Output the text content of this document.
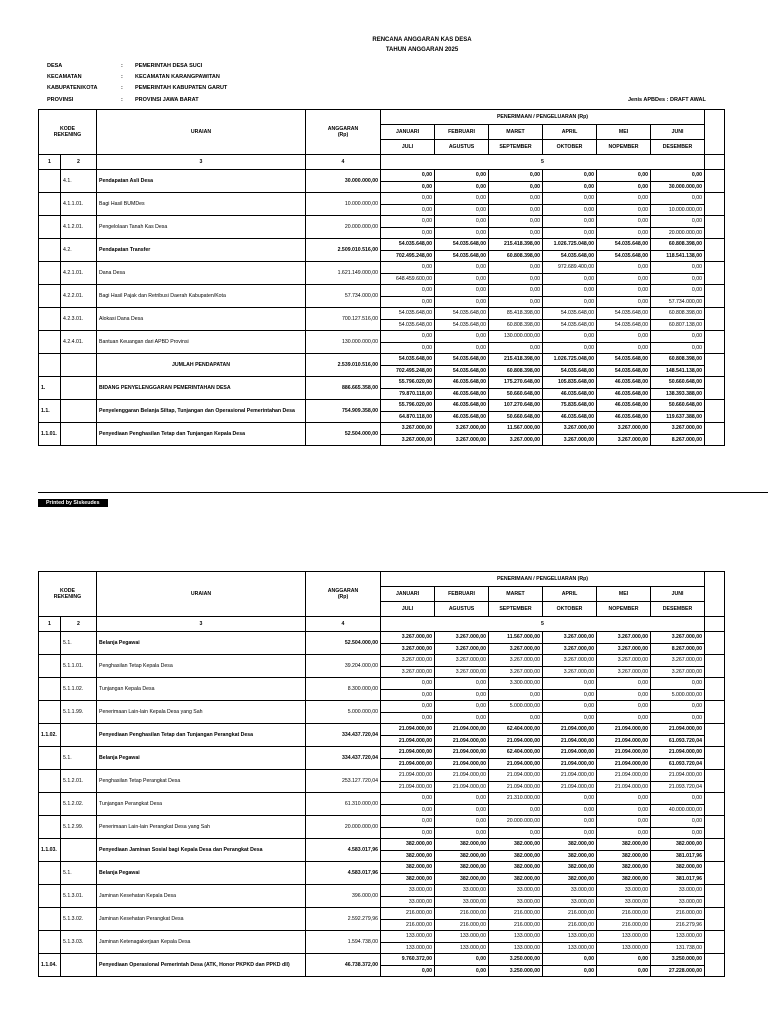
RENCANA ANGGARAN KAS DESA
TAHUN ANGGARAN 2025
DESA	: PEMERINTAH DESA SUCI
KECAMATAN	: KECAMATAN KARANGPAWITAN
KABUPATEN/KOTA	: PEMERINTAH KABUPATEN GARUT
PROVINSI	: PROVINSI JAWA BARAT	Jenis APBDes : DRAFT AWAL
KODE
REKENING		URAIAN	ANGGARAN
(Rp)	PENERIMAAN / PENGELUARAN (Rp)						
				JANUARI	FEBRUARI	MARET	APRIL	MEI	JUNI	
				JULI	AGUSTUS	SEPTEMBER	OKTOBER	NOPEMBER	DESEMBER	
1	2	3	4	5						
	4.1.	Pendapatan Asli Desa	30.000.000,00	0,00	0,00	0,00	0,00	0,00	0,00	
				0,00	0,00	0,00	0,00	0,00	30.000.000,00	
	4.1.1.01.	Bagi Hasil BUMDes	10.000.000,00	0,00	0,00	0,00	0,00	0,00	0,00	
				0,00	0,00	0,00	0,00	0,00	10.000.000,00	
	4.1.2.01.	Pengelolaan Tanah Kas Desa	20.000.000,00	0,00	0,00	0,00	0,00	0,00	0,00	
				0,00	0,00	0,00	0,00	0,00	20.000.000,00	
	4.2.	Pendapatan Transfer	2.509.010.516,00	54.035.648,00	54.035.648,00	215.418.398,00	1.026.725.048,00	54.035.648,00	60.808.398,00	
				702.495.248,00	54.035.648,00	60.808.398,00	54.035.648,00	54.035.648,00	118.541.138,00	
	4.2.1.01.	Dana Desa	1.621.149.000,00	0,00	0,00	0,00	972.689.400,00	0,00	0,00	
				648.459.600,00	0,00	0,00	0,00	0,00	0,00	
	4.2.2.01.	Bagi Hasil Pajak dan Retribusi Daerah Kabupaten/Kota	57.734.000,00	0,00	0,00	0,00	0,00	0,00	0,00	
				0,00	0,00	0,00	0,00	0,00	57.734.000,00	
	4.2.3.01.	Alokasi Dana Desa	700.127.516,00	54.035.648,00	54.035.648,00	85.418.398,00	54.035.648,00	54.035.648,00	60.808.398,00	
				54.035.648,00	54.035.648,00	60.808.398,00	54.035.648,00	54.035.648,00	60.807.138,00	
	4.2.4.01.	Bantuan Keuangan dari APBD Provinsi	130.000.000,00	0,00	0,00	130.000.000,00	0,00	0,00	0,00	
				0,00	0,00	0,00	0,00	0,00	0,00	
		JUMLAH PENDAPATAN	2.539.010.516,00	54.035.648,00	54.035.648,00	215.418.398,00	1.026.725.048,00	54.035.648,00	60.808.398,00	
				702.495.248,00	54.035.648,00	60.808.398,00	54.035.648,00	54.035.648,00	148.541.138,00	
1.		BIDANG PENYELENGGARAN PEMERINTAHAN DESA	886.665.358,00	55.796.020,00	46.035.648,00	175.270.648,00	105.835.648,00	46.035.648,00	50.660.648,00	
				79.870.118,00	46.035.648,00	50.660.648,00	46.035.648,00	46.035.648,00	138.393.388,00	
1.1.		Penyelenggaran Belanja Siltap, Tunjangan dan Operasional Pemerintahan Desa	754.909.358,00	55.796.020,00	46.035.648,00	107.270.648,00	75.835.648,00	46.035.648,00	50.660.648,00	
				64.870.118,00	46.035.648,00	50.660.648,00	46.035.648,00	46.035.648,00	119.637.388,00	
1.1.01.		Penyediaan Penghasilan Tetap dan Tunjangan Kepala Desa	52.504.000,00	3.267.000,00	3.267.000,00	11.567.000,00	3.267.000,00	3.267.000,00	3.267.000,00	
				3.267.000,00	3.267.000,00	3.267.000,00	3.267.000,00	3.267.000,00	8.267.000,00	
Printed by Siskeudes
KODE
REKENING		URAIAN	ANGGARAN
(Rp)	PENERIMAAN / PENGELUARAN (Rp)						
				JANUARI	FEBRUARI	MARET	APRIL	MEI	JUNI	
				JULI	AGUSTUS	SEPTEMBER	OKTOBER	NOPEMBER	DESEMBER	
1	2	3	4	5						
	5.1.	Belanja Pegawai	52.504.000,00	3.267.000,00	3.267.000,00	11.567.000,00	3.267.000,00	3.267.000,00	3.267.000,00	
				3.267.000,00	3.267.000,00	3.267.000,00	3.267.000,00	3.267.000,00	8.267.000,00	
	5.1.1.01.	Penghasilan Tetap Kepala Desa	39.204.000,00	3.267.000,00	3.267.000,00	3.267.000,00	3.267.000,00	3.267.000,00	3.267.000,00	
				3.267.000,00	3.267.000,00	3.267.000,00	3.267.000,00	3.267.000,00	3.267.000,00	
	5.1.1.02.	Tunjangan Kepala Desa	8.300.000,00	0,00	0,00	3.300.000,00	0,00	0,00	0,00	
				0,00	0,00	0,00	0,00	0,00	5.000.000,00	
	5.1.1.99.	Penerimaan Lain-lain Kepala Desa yang Sah	5.000.000,00	0,00	0,00	5.000.000,00	0,00	0,00	0,00	
				0,00	0,00	0,00	0,00	0,00	0,00	
1.1.02.		Penyediaan Penghasilan Tetap dan Tunjangan Perangkat Desa	334.437.720,04	21.094.000,00	21.094.000,00	62.404.000,00	21.094.000,00	21.094.000,00	21.094.000,00	
				21.094.000,00	21.094.000,00	21.094.000,00	21.094.000,00	21.094.000,00	61.093.720,04	
	5.1.	Belanja Pegawai	334.437.720,04	21.094.000,00	21.094.000,00	62.404.000,00	21.094.000,00	21.094.000,00	21.094.000,00	
				21.094.000,00	21.094.000,00	21.094.000,00	21.094.000,00	21.094.000,00	61.093.720,04	
	5.1.2.01.	Penghasilan Tetap Perangkat Desa	253.127.720,04	21.094.000,00	21.094.000,00	21.094.000,00	21.094.000,00	21.094.000,00	21.094.000,00	
				21.094.000,00	21.094.000,00	21.094.000,00	21.094.000,00	21.094.000,00	21.093.720,04	
	5.1.2.02.	Tunjangan Perangkat Desa	61.310.000,00	0,00	0,00	21.310.000,00	0,00	0,00	0,00	
				0,00	0,00	0,00	0,00	0,00	40.000.000,00	
	5.1.2.99.	Penerimaan Lain-lain Perangkat Desa yang Sah	20.000.000,00	0,00	0,00	20.000.000,00	0,00	0,00	0,00	
				0,00	0,00	0,00	0,00	0,00	0,00	
1.1.03.		Penyediaan Jaminan Sosial bagi Kepala Desa dan Perangkat Desa	4.583.017,96	382.000,00	382.000,00	382.000,00	382.000,00	382.000,00	382.000,00	
				382.000,00	382.000,00	382.000,00	382.000,00	382.000,00	381.017,96	
	5.1.	Belanja Pegawai	4.583.017,96	382.000,00	382.000,00	382.000,00	382.000,00	382.000,00	382.000,00	
				382.000,00	382.000,00	382.000,00	382.000,00	382.000,00	381.017,96	
	5.1.3.01.	Jaminan Kesehatan Kepala Desa	396.000,00	33.000,00	33.000,00	33.000,00	33.000,00	33.000,00	33.000,00	
				33.000,00	33.000,00	33.000,00	33.000,00	33.000,00	33.000,00	
	5.1.3.02.	Jaminan Kesehatan Perangkat Desa	2.592.279,96	216.000,00	216.000,00	216.000,00	216.000,00	216.000,00	216.000,00	
				216.000,00	216.000,00	216.000,00	216.000,00	216.000,00	216.279,96	
	5.1.3.03.	Jaminan Ketenagakerjaan Kepala Desa	1.594.738,00	133.000,00	133.000,00	133.000,00	133.000,00	133.000,00	133.000,00	
				133.000,00	133.000,00	133.000,00	133.000,00	133.000,00	131.738,00	
1.1.04.		Penyediaan Operasional Pemerintah Desa (ATK, Honor PKPKD dan PPKD dll)	46.738.372,00	9.760.372,00	0,00	3.250.000,00	0,00	0,00	3.250.000,00	
				0,00	0,00	3.250.000,00	0,00	0,00	27.228.000,00	
